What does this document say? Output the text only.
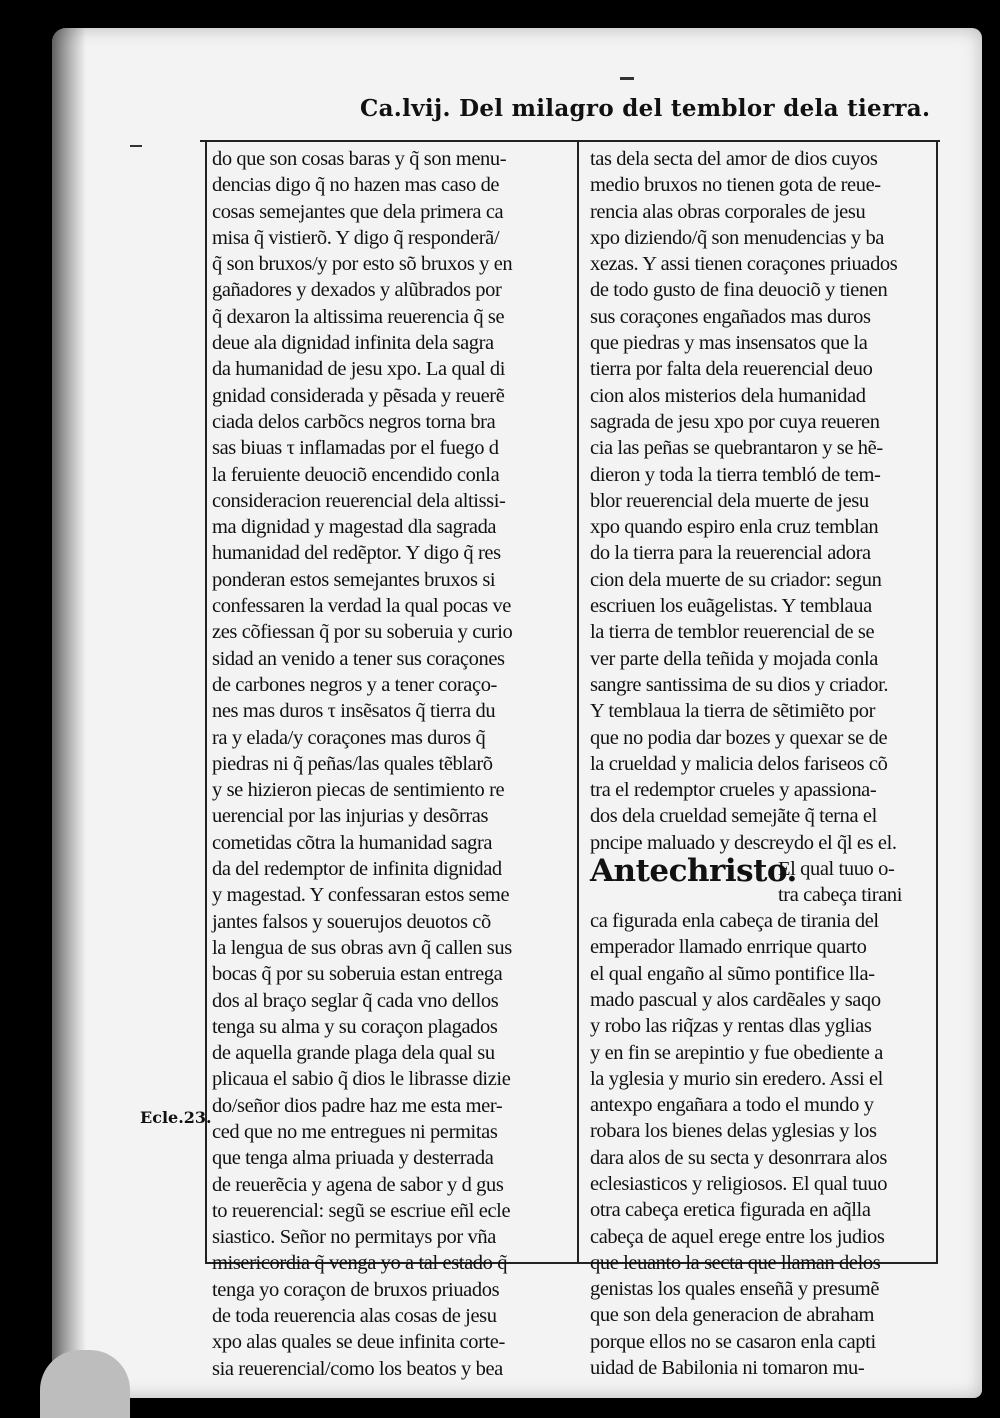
Ca.lvij. Del milagro del temblor dela tierra.
do que son cosas baras y q̃ son menu-
dencias digo q̃ no hazen mas caso de
cosas semejantes que dela primera ca
misa q̃ vistierõ. Y digo q̃ responderã/
q̃ son bruxos/y por esto sõ bruxos y en
gañadores y dexados y alũbrados por
q̃ dexaron la altissima reuerencia q̃ se
deue ala dignidad infinita dela sagra
da humanidad de jesu xpo. La qual di
gnidad considerada y pẽsada y reuerẽ
ciada delos carbõcs negros torna bra
sas biuas τ inflamadas por el fuego d
la feruiente deuociõ encendido conla
consideracion reuerencial dela altissi-
ma dignidad y magestad dla sagrada
humanidad del redẽptor. Y digo q̃ res
ponderan estos semejantes bruxos si
confessaren la verdad la qual pocas ve
zes cõfiessan q̃ por su soberuia y curio
sidad an venido a tener sus coraçones
de carbones negros y a tener coraço-
nes mas duros τ insẽsatos q̃ tierra du
ra y elada/y coraçones mas duros q̃
piedras ni q̃ peñas/las quales tẽblarõ
y se hizieron piecas de sentimiento re
uerencial por las injurias y desõrras
cometidas cõtra la humanidad sagra
da del redemptor de infinita dignidad
y magestad. Y confessaran estos seme
jantes falsos y souerujos deuotos cõ
la lengua de sus obras avn q̃ callen sus
bocas q̃ por su soberuia estan entrega
dos al braço seglar q̃ cada vno dellos
tenga su alma y su coraçon plagados
de aquella grande plaga dela qual su
plicaua el sabio q̃ dios le librasse dizie
do/señor dios padre haz me esta mer-
ced que no me entregues ni permitas
que tenga alma priuada y desterrada
de reuerẽcia y agena de sabor y d gus
to reuerencial: segũ se escriue eñl ecle
siastico. Señor no permitays por vña
misericordia q̃ venga yo a tal estado q̃
tenga yo coraçon de bruxos priuados
de toda reuerencia alas cosas de jesu
xpo alas quales se deue infinita corte-
sia reuerencial/como los beatos y bea
tas dela secta del amor de dios cuyos
medio bruxos no tienen gota de reue-
rencia alas obras corporales de jesu
xpo diziendo/q̃ son menudencias y ba
xezas. Y assi tienen coraçones priuados
de todo gusto de fina deuociõ y tienen
sus coraçones engañados mas duros
que piedras y mas insensatos que la
tierra por falta dela reuerencial deuo
cion alos misterios dela humanidad
sagrada de jesu xpo por cuya reueren
cia las peñas se quebrantaron y se hẽ-
dieron y toda la tierra tembló de tem-
blor reuerencial dela muerte de jesu
xpo quando espiro enla cruz temblan
do la tierra para la reuerencial adora
cion dela muerte de su criador: segun
escriuen los euãgelistas. Y temblaua
la tierra de temblor reuerencial de se
ver parte della teñida y mojada conla
sangre santissima de su dios y criador.
Y temblaua la tierra de sẽtimiẽto por
que no podia dar bozes y quexar se de
la crueldad y malicia delos fariseos cõ
tra el redemptor crueles y apassiona-
dos dela crueldad semejãte q̃ terna el
pncipe maluado y descreydo el q̃l es el.
Antechristo.
El qual tuuo o-
tra cabeça tirani
ca figurada enla cabeça de tirania del
emperador llamado enrrique quarto
el qual engaño al sũmo pontifice lla-
mado pascual y alos cardẽales y saqo
y robo las riq̃zas y rentas dlas yglias
y en fin se arepintio y fue obediente a
la yglesia y murio sin eredero. Assi el
antexpo engañara a todo el mundo y
robara los bienes delas yglesias y los
dara alos de su secta y desonrrara alos
eclesiasticos y religiosos. El qual tuuo
otra cabeça eretica figurada en aq̃lla
cabeça de aquel erege entre los judios
que leuanto la secta que llaman delos
genistas los quales enseñã y presumẽ
que son dela generacion de abraham
porque ellos no se casaron enla capti
uidad de Babilonia ni tomaron mu-
Ecle.23.
